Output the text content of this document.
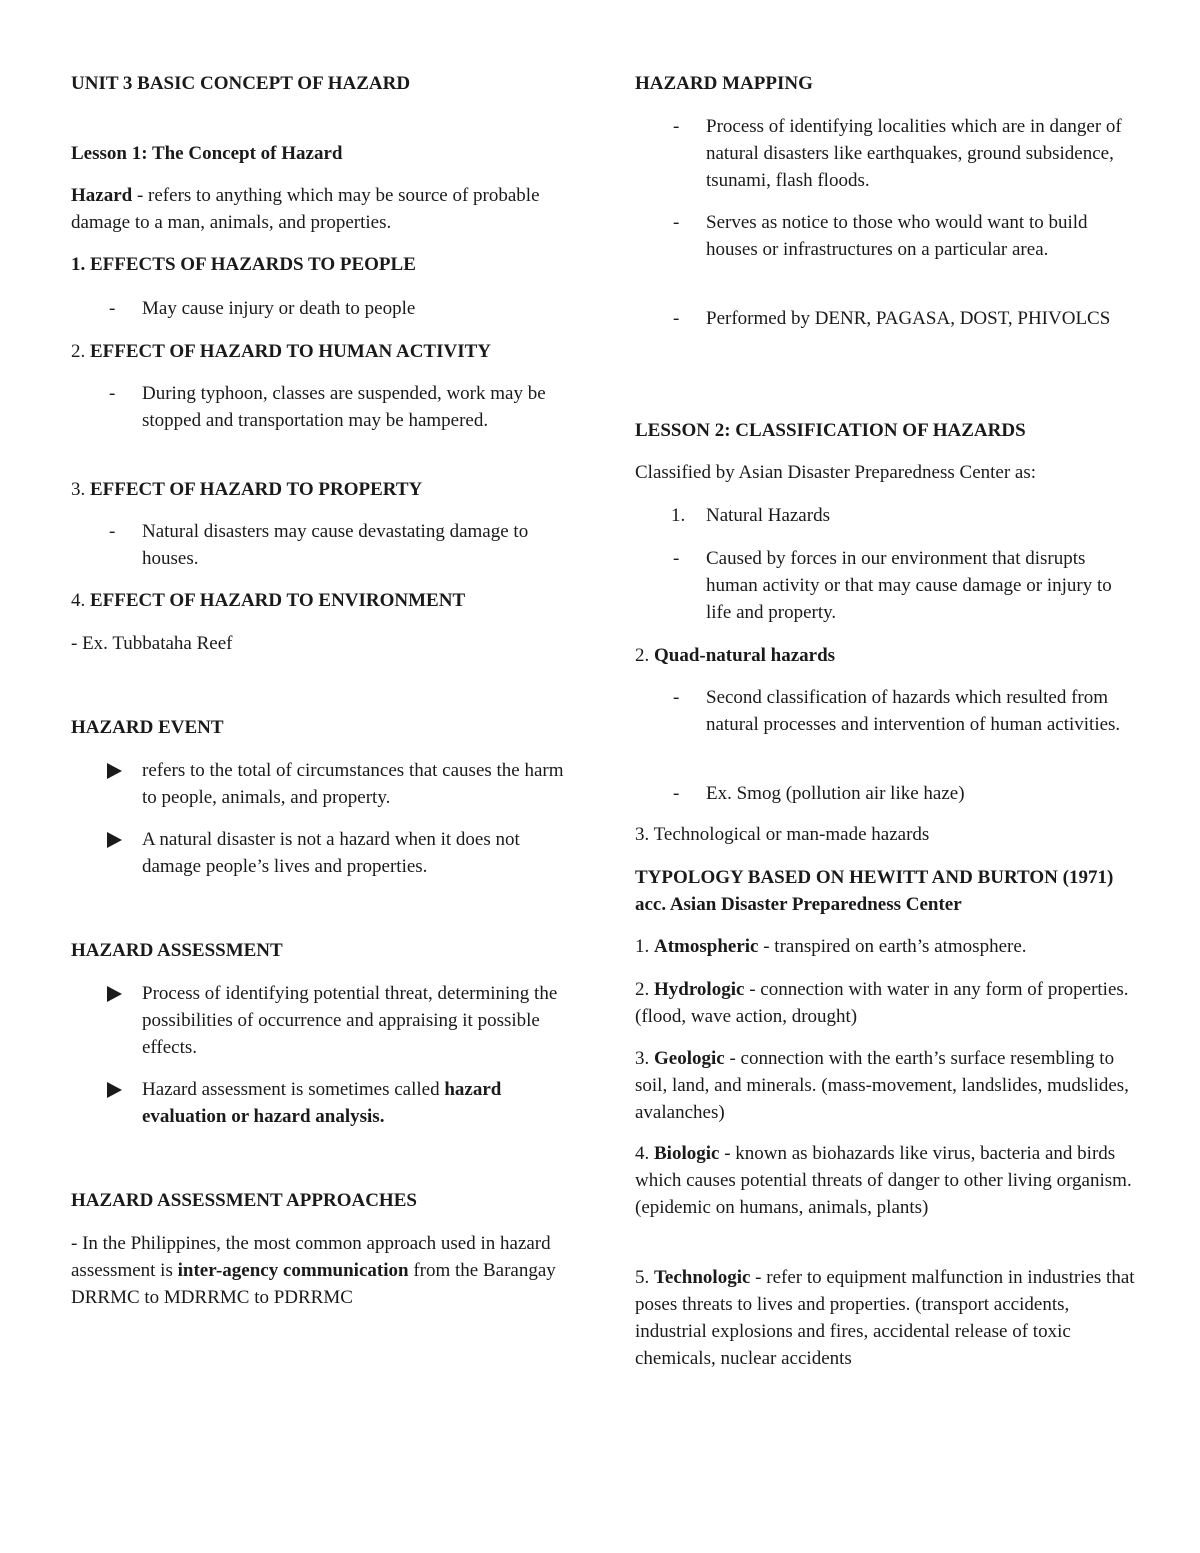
UNIT 3 BASIC CONCEPT OF HAZARD
Lesson 1: The Concept of Hazard
Hazard - refers to anything which may be source of probable damage to a man, animals, and properties.
1. EFFECTS OF HAZARDS TO PEOPLE
- May cause injury or death to people
2. EFFECT OF HAZARD TO HUMAN ACTIVITY
- During typhoon, classes are suspended, work may be stopped and transportation may be hampered.
3. EFFECT OF HAZARD TO PROPERTY
- Natural disasters may cause devastating damage to houses.
4. EFFECT OF HAZARD TO ENVIRONMENT
- Ex. Tubbataha Reef
HAZARD EVENT
refers to the total of circumstances that causes the harm to people, animals, and property.
A natural disaster is not a hazard when it does not damage people’s lives and properties.
HAZARD ASSESSMENT
Process of identifying potential threat, determining the possibilities of occurrence and appraising it possible effects.
Hazard assessment is sometimes called hazard evaluation or hazard analysis.
HAZARD ASSESSMENT APPROACHES
- In the Philippines, the most common approach used in hazard assessment is inter-agency communication from the Barangay DRRMC to MDRRMC to PDRRMC
HAZARD MAPPING
- Process of identifying localities which are in danger of natural disasters like earthquakes, ground subsidence, tsunami, flash floods.
- Serves as notice to those who would want to build houses or infrastructures on a particular area.
- Performed by DENR, PAGASA, DOST, PHIVOLCS
LESSON 2: CLASSIFICATION OF HAZARDS
Classified by Asian Disaster Preparedness Center as:
1. Natural Hazards
- Caused by forces in our environment that disrupts human activity or that may cause damage or injury to life and property.
2. Quad-natural hazards
- Second classification of hazards which resulted from natural processes and intervention of human activities.
- Ex. Smog (pollution air like haze)
3. Technological or man-made hazards
TYPOLOGY BASED ON HEWITT AND BURTON (1971) acc. Asian Disaster Preparedness Center
1. Atmospheric - transpired on earth’s atmosphere.
2. Hydrologic - connection with water in any form of properties. (flood, wave action, drought)
3. Geologic - connection with the earth’s surface resembling to soil, land, and minerals. (mass-movement, landslides, mudslides, avalanches)
4. Biologic - known as biohazards like virus, bacteria and birds which causes potential threats of danger to other living organism. (epidemic on humans, animals, plants)
5. Technologic - refer to equipment malfunction in industries that poses threats to lives and properties. (transport accidents, industrial explosions and fires, accidental release of toxic chemicals, nuclear accidents
